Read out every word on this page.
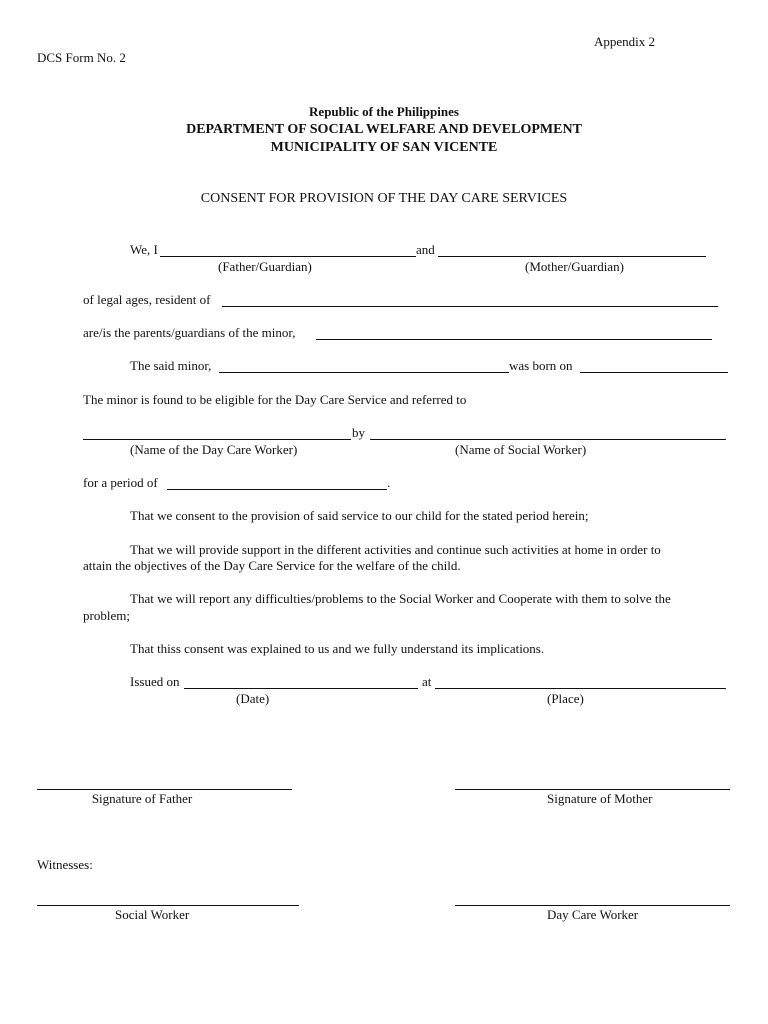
Appendix 2
DCS Form No. 2
Republic of the Philippines
DEPARTMENT OF SOCIAL WELFARE AND DEVELOPMENT
MUNICIPALITY OF SAN VICENTE
CONSENT FOR PROVISION OF THE DAY CARE SERVICES
We, I	and
(Father/Guardian)	(Mother/Guardian)
of legal ages, resident of
are/is the parents/guardians of the minor,
The said minor,	was born on
The minor is found to be eligible for the Day Care Service and referred to
by
(Name of the Day Care Worker)	(Name of Social Worker)
for a period of	.
That we consent to the provision of said service to our child for the stated period herein;
That we will provide support in the different activities and continue such activities at home in order to
attain the objectives of the Day Care Service for the welfare of the child.
That we will report any difficulties/problems to the Social Worker and Cooperate with them to solve the
problem;
That thiss consent was explained to us and we fully understand its implications.
Issued on	at
(Date)	(Place)
Signature of Father	Signature of Mother
Witnesses:
Social Worker	Day Care Worker
